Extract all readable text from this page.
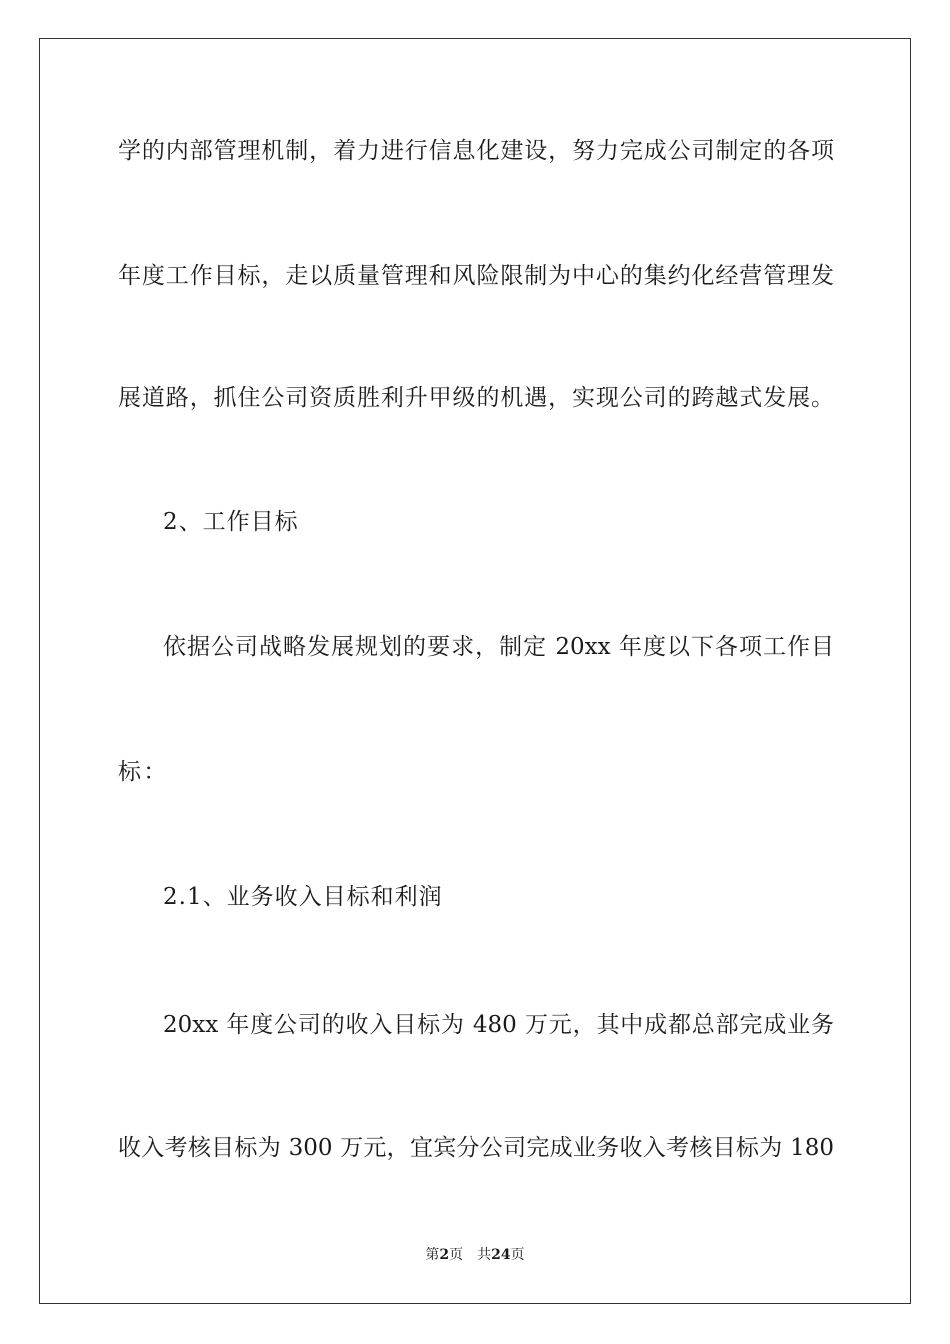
学的内部管理机制，着力进行信息化建设，努力完成公司制定的各项
年度工作目标，走以质量管理和风险限制为中心的集约化经营管理发
展道路，抓住公司资质胜利升甲级的机遇，实现公司的跨越式发展。
2、工作目标
依据公司战略发展规划的要求，制定 20xx 年度以下各项工作目
标：
2.1、业务收入目标和利润
20xx 年度公司的收入目标为 480 万元，其中成都总部完成业务
收入考核目标为 300 万元，宜宾分公司完成业务收入考核目标为 180
第2页 共24页
